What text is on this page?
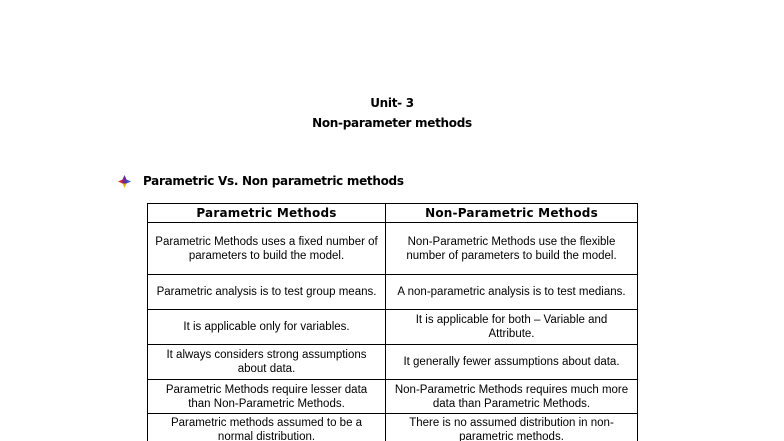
Unit- 3
Non-parameter methods
Parametric Vs. Non parametric methods
Parametric Methods	Non-Parametric Methods
Parametric Methods uses a fixed number of parameters to build the model.	Non-Parametric Methods use the flexible number of parameters to build the model.
Parametric analysis is to test group means.	A non-parametric analysis is to test medians.
It is applicable only for variables.	It is applicable for both – Variable and Attribute.
It always considers strong assumptions about data.	It generally fewer assumptions about data.
Parametric Methods require lesser data than Non-Parametric Methods.	Non-Parametric Methods requires much more data than Parametric Methods.
Parametric methods assumed to be a normal distribution.	There is no assumed distribution in non-parametric methods.
